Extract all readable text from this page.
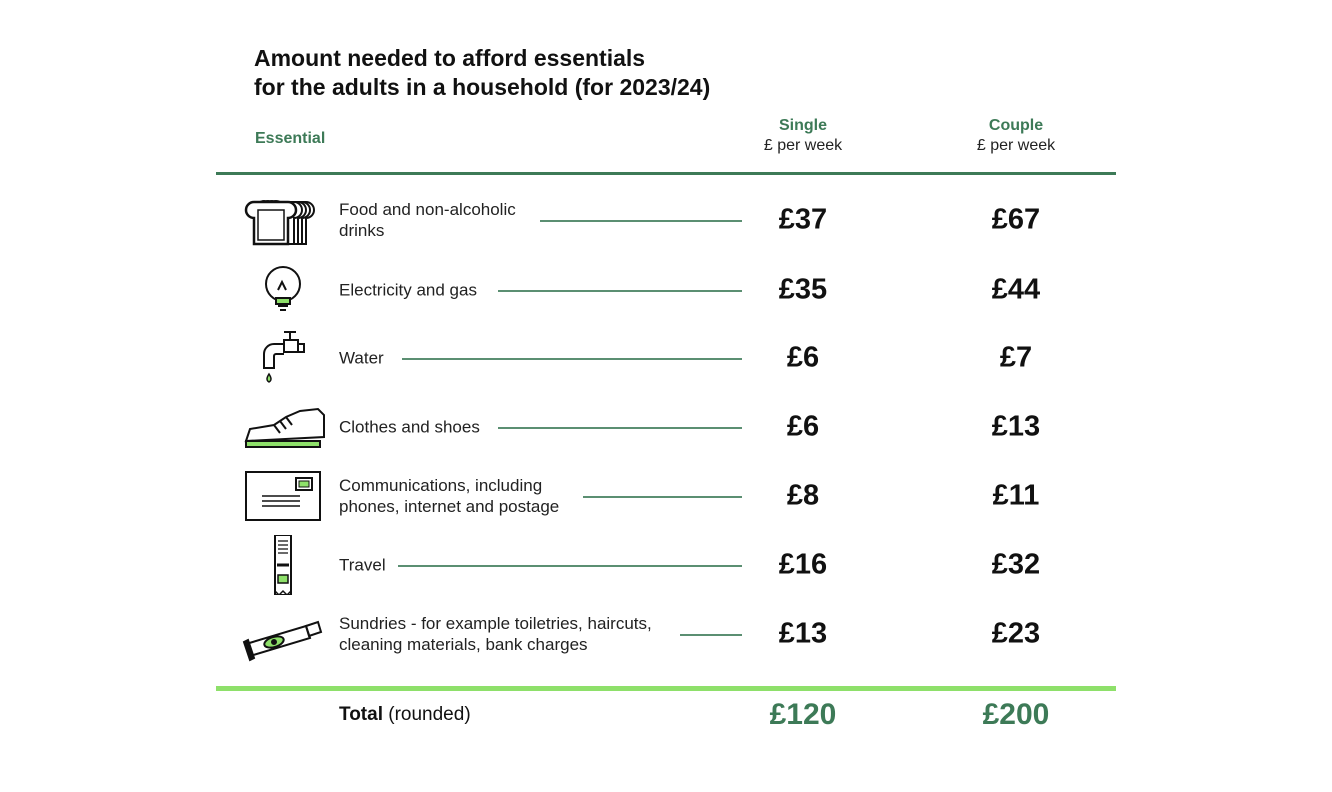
Amount needed to afford essentials
for the adults in a household (for 2023/24)
Essential
Single
£ per week
Couple
£ per week
Food and non-alcoholic
drinks	£37	£67
Electricity and gas	£35	£44
Water	£6	£7
Clothes and shoes	£6	£13
Communications, including
phones, internet and postage	£8	£11
Travel	£16	£32
Sundries - for example toiletries, haircuts,
cleaning materials, bank charges	£13	£23
Total (rounded)	£120	£200
